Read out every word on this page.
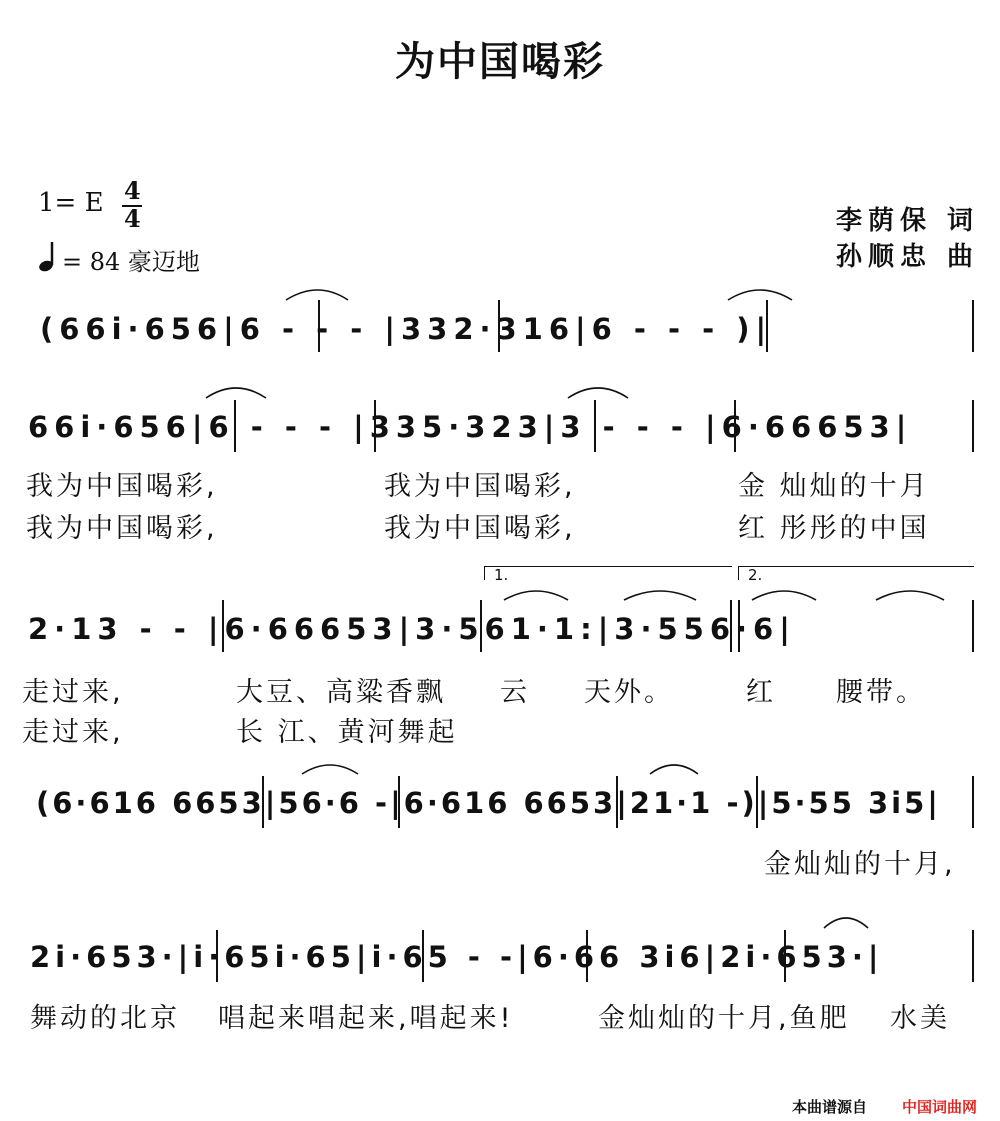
为中国喝彩
1= E 4
4
= 84 豪迈地
李荫保 词
孙顺忠 曲
(66i·656|6 - - - |332·316|6 - - - )|
66i·656|6 - - - |335·323|3 - - - |6·66653|
我为中国喝彩,	我为中国喝彩,	金 灿灿的十月
我为中国喝彩,	我为中国喝彩,	红 彤彤的中国
1.	2.
2·13 - - |6·66653|3·561·1:|3·556·6|
走过来,	大豆、高粱香飘 云 天外。	红 腰带。
走过来,	长 江、黄河舞起
(6·616 6653|56·6 -|6·616 6653|21·1 -)|5·55 3i5|
金灿灿的十月,
2i·653·|i·65i·65|i·65 - -|6·66 3i6|2i·653·|
舞动的北京 唱起来唱起来,唱起来!	金灿灿的十月,鱼肥 水美
本曲谱源自 中国词曲网
